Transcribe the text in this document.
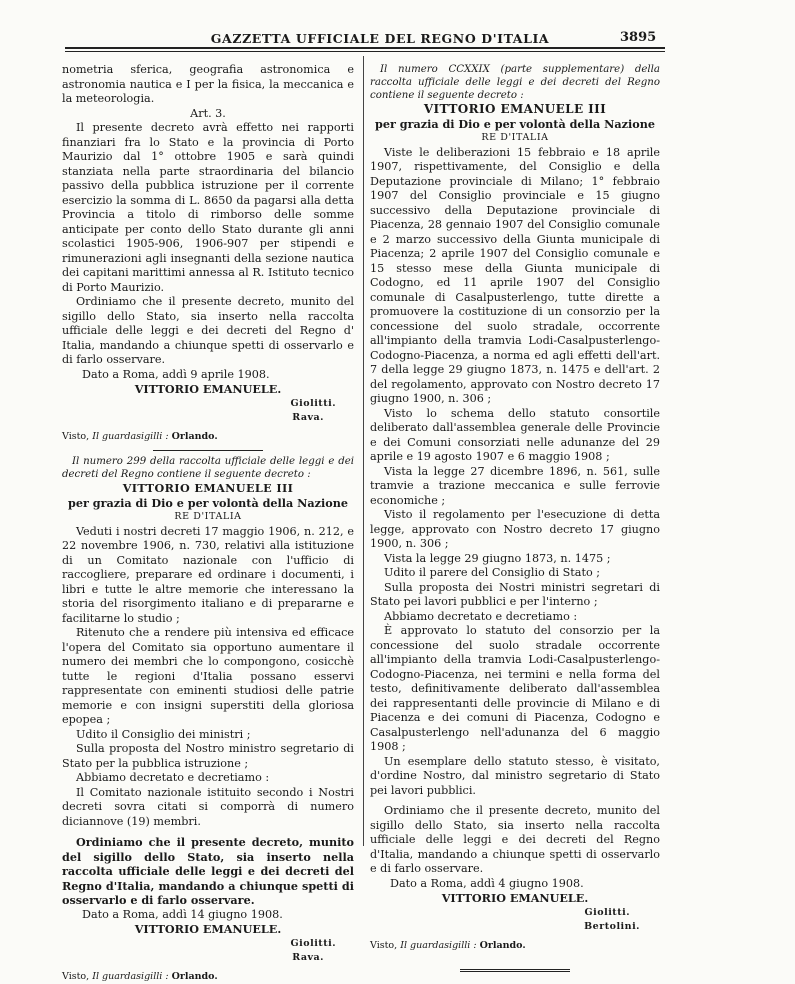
GAZZETTA UFFICIALE DEL REGNO D'ITALIA	3895

nometria sferica, geografia astronomica e astronomia nautica e I per la fisica, la meccanica e la meteorologia.

Art. 3.

Il presente decreto avrà effetto nei rapporti finanziari fra lo Stato e la provincia di Porto Maurizio dal 1° ottobre 1905 e sarà quindi stanziata nella parte straordinaria del bilancio passivo della pubblica istruzione per il corrente esercizio la somma di L. 8650 da pagarsi alla detta Provincia a titolo di rimborso delle somme anticipate per conto dello Stato durante gli anni scolastici 1905-906, 1906-907 per stipendi e rimunerazioni agli insegnanti della sezione nautica dei capitani marittimi annessa al R. Istituto tecnico di Porto Maurizio.

Ordiniamo che il presente decreto, munito del sigillo dello Stato, sia inserto nella raccolta ufficiale delle leggi e dei decreti del Regno d' Italia, mandando a chiunque spetti di osservarlo e di farlo osservare.

Dato a Roma, addì 9 aprile 1908.

VITTORIO EMANUELE.

Giolitti.

Rava.

Visto, Il guardasigilli : Orlando.

Il numero 299 della raccolta ufficiale delle leggi e dei decreti del Regno contiene il seguente decreto :

VITTORIO EMANUELE III

per grazia di Dio e per volontà della Nazione

RE D'ITALIA

Veduti i nostri decreti 17 maggio 1906, n. 212, e 22 novembre 1906, n. 730, relativi alla istituzione di un Comitato nazionale con l'ufficio di raccogliere, preparare ed ordinare i documenti, i libri e tutte le altre memorie che interessano la storia del risorgimento italiano e di prepararne e facilitarne lo studio ;

Ritenuto che a rendere più intensiva ed efficace l'opera del Comitato sia opportuno aumentare il numero dei membri che lo compongono, cosicchè tutte le regioni d'Italia possano esservi rappresentate con eminenti studiosi delle patrie memorie e con insigni superstiti della gloriosa epopea ;

Udito il Consiglio dei ministri ;

Sulla proposta del Nostro ministro segretario di Stato per la pubblica istruzione ;

Abbiamo decretato e decretiamo :

Il Comitato nazionale istituito secondo i Nostri decreti sovra citati si comporrà di numero diciannove (19) membri.

Ordiniamo che il presente decreto, munito del sigillo dello Stato, sia inserto nella raccolta ufficiale delle leggi e dei decreti del Regno d'Italia, mandando a chiunque spetti di osservarlo e di farlo osservare.

Dato a Roma, addì 14 giugno 1908.

VITTORIO EMANUELE.

Giolitti.

Rava.

Visto, Il guardasigilli : Orlando.

Il numero CCXXIX (parte supplementare) della raccolta ufficiale delle leggi e dei decreti del Regno contiene il seguente decreto :

VITTORIO EMANUELE III

per grazia di Dio e per volontà della Nazione

RE D'ITALIA

Viste le deliberazioni 15 febbraio e 18 aprile 1907, rispettivamente, del Consiglio e della Deputazione provinciale di Milano; 1° febbraio 1907 del Consiglio provinciale e 15 giugno successivo della Deputazione provinciale di Piacenza, 28 gennaio 1907 del Consiglio comunale e 2 marzo successivo della Giunta municipale di Piacenza; 2 aprile 1907 del Consiglio comunale e 15 stesso mese della Giunta municipale di Codogno, ed 11 aprile 1907 del Consiglio comunale di Casalpusterlengo, tutte dirette a promuovere la costituzione di un consorzio per la concessione del suolo stradale, occorrente all'impianto della tramvia Lodi-Casalpusterlengo-Codogno-Piacenza, a norma ed agli effetti dell'art. 7 della legge 29 giugno 1873, n. 1475 e dell'art. 2 del regolamento, approvato con Nostro decreto 17 giugno 1900, n. 306 ;

Visto lo schema dello statuto consortile deliberato dall'assemblea generale delle Provincie e dei Comuni consorziati nelle adunanze del 29 aprile e 19 agosto 1907 e 6 maggio 1908 ;

Vista la legge 27 dicembre 1896, n. 561, sulle tramvie a trazione meccanica e sulle ferrovie economiche ;

Visto il regolamento per l'esecuzione di detta legge, approvato con Nostro decreto 17 giugno 1900, n. 306 ;

Vista la legge 29 giugno 1873, n. 1475 ;

Udito il parere del Consiglio di Stato ;

Sulla proposta dei Nostri ministri segretari di Stato pei lavori pubblici e per l'interno ;

Abbiamo decretato e decretiamo :

È approvato lo statuto del consorzio per la concessione del suolo stradale occorrente all'impianto della tramvia Lodi-Casalpusterlengo-Codogno-Piacenza, nei termini e nella forma del testo, definitivamente deliberato dall'assemblea dei rappresentanti delle provincie di Milano e di Piacenza e dei comuni di Piacenza, Codogno e Casalpusterlengo nell'adunanza del 6 maggio 1908 ;

Un esemplare dello statuto stesso, è visitato, d'ordine Nostro, dal ministro segretario di Stato pei lavori pubblici.

Ordiniamo che il presente decreto, munito del sigillo dello Stato, sia inserto nella raccolta ufficiale delle leggi e dei decreti del Regno d'Italia, mandando a chiunque spetti di osservarlo e di farlo osservare.

Dato a Roma, addì 4 giugno 1908.

VITTORIO EMANUELE.

Giolitti.

Bertolini.

Visto, Il guardasigilli : Orlando.
